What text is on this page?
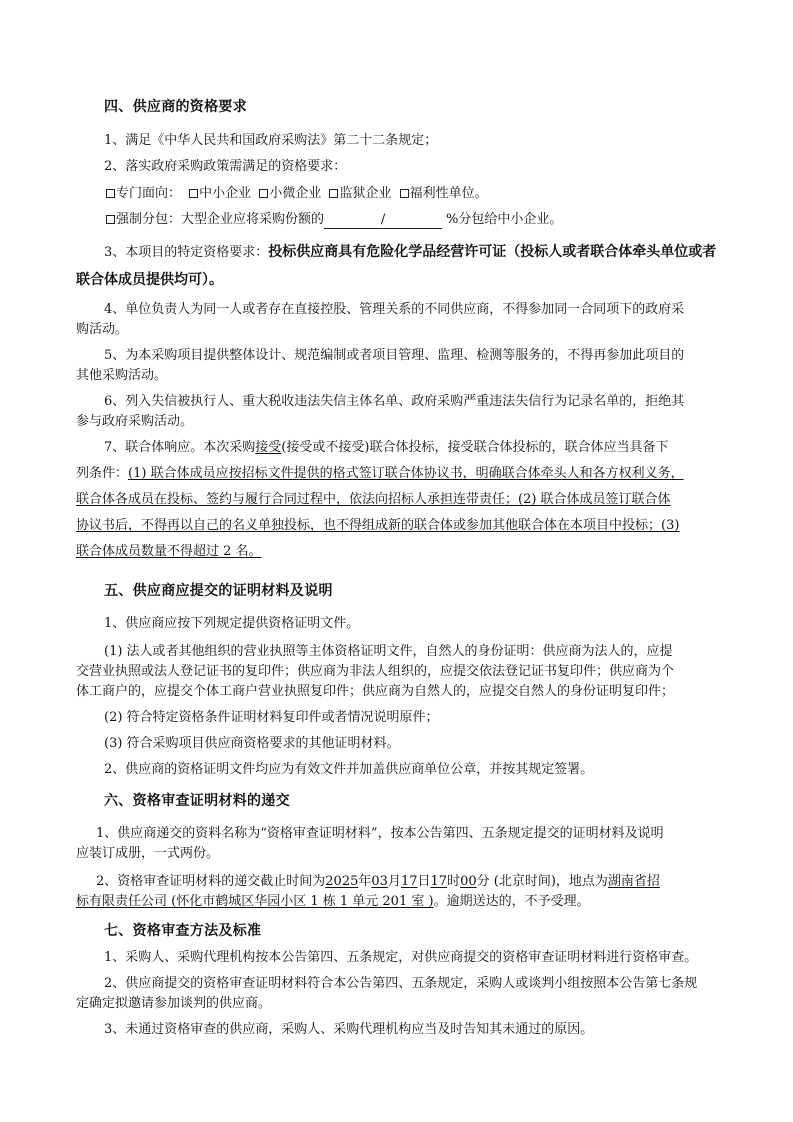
四、供应商的资格要求
1、满足《中华人民共和国政府采购法》第二十二条规定；
2、落实政府采购政策需满足的资格要求：
专门面向： 中小企业 小微企业 监狱企业 福利性单位。
强制分包：大型企业应将采购份额的	/	%分包给中小企业。
3、本项目的特定资格要求：投标供应商具有危险化学品经营许可证（投标人或者联合体牵头单位或者
联合体成员提供均可）。
4、单位负责人为同一人或者存在直接控股、管理关系的不同供应商，不得参加同一合同项下的政府采
购活动。
5、为本采购项目提供整体设计、规范编制或者项目管理、监理、检测等服务的，不得再参加此项目的
其他采购活动。
6、列入失信被执行人、重大税收违法失信主体名单、政府采购严重违法失信行为记录名单的，拒绝其
参与政府采购活动。
7、联合体响应。本次采购接受(接受或不接受)联合体投标，接受联合体投标的，联合体应当具备下
列条件：(1) 联合体成员应按招标文件提供的格式签订联合体协议书，明确联合体牵头人和各方权利义务，
联合体各成员在投标、签约与履行合同过程中，依法向招标人承担连带责任；(2) 联合体成员签订联合体
协议书后，不得再以自己的名义单独投标，也不得组成新的联合体或参加其他联合体在本项目中投标；(3)
联合体成员数量不得超过 2 名。
五、供应商应提交的证明材料及说明
1、供应商应按下列规定提供资格证明文件。
(1) 法人或者其他组织的营业执照等主体资格证明文件，自然人的身份证明：供应商为法人的，应提
交营业执照或法人登记证书的复印件；供应商为非法人组织的，应提交依法登记证书复印件；供应商为个
体工商户的，应提交个体工商户营业执照复印件；供应商为自然人的，应提交自然人的身份证明复印件；
(2) 符合特定资格条件证明材料复印件或者情况说明原件；
(3) 符合采购项目供应商资格要求的其他证明材料。
2、供应商的资格证明文件均应为有效文件并加盖供应商单位公章，并按其规定签署。
六、资格审查证明材料的递交
1、供应商递交的资料名称为“资格审查证明材料”，按本公告第四、五条规定提交的证明材料及说明
应装订成册，一式两份。
2、资格审查证明材料的递交截止时间为2025年03月17日17时00分 (北京时间)，地点为湖南省招
标有限责任公司 (怀化市鹤城区华园小区 1 栋 1 单元 201 室 )。逾期送达的，不予受理。
七、资格审查方法及标准
1、采购人、采购代理机构按本公告第四、五条规定，对供应商提交的资格审查证明材料进行资格审查。
2、供应商提交的资格审查证明材料符合本公告第四、五条规定，采购人或谈判小组按照本公告第七条规
定确定拟邀请参加谈判的供应商。
3、未通过资格审查的供应商，采购人、采购代理机构应当及时告知其未通过的原因。
